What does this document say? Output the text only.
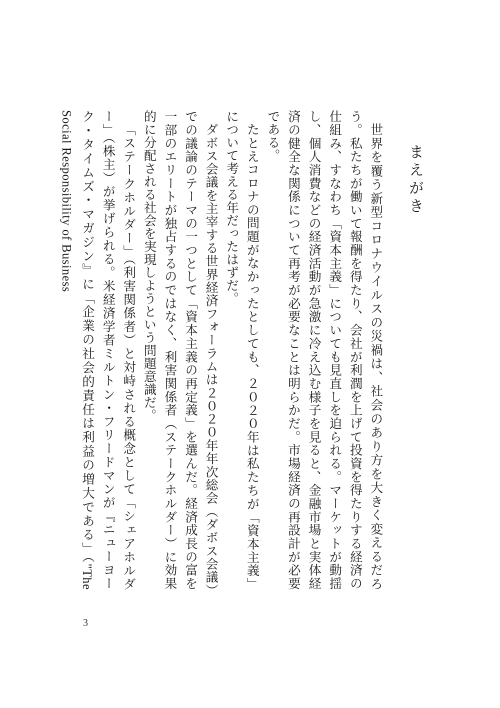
まえがき

世界を覆う新型コロナウイルスの災禍は、社会のあり方を大きく変えるだろう。私たちが働いて報酬を得たり、会社が利潤を上げて投資を得たりする経済の仕組み、すなわち「資本主義」についても見直しを迫られる。マーケットが動揺し、個人消費などの経済活動が急激に冷え込む様子を見ると、金融市場と実体経済の健全な関係について再考が必要なことは明らかだ。市場経済の再設計が必要である。

たとえコロナの問題がなかったとしても、２０２０年は私たちが「資本主義」について考える年だったはずだ。

ダボス会議を主宰する世界経済フォーラムは２０２０年年次総会（ダボス会議）での議論のテーマの一つとして「資本主義の再定義」を選んだ。経済成長の富を一部のエリートが独占するのではなく、利害関係者（ステークホルダー）に効果的に分配される社会を実現しようという問題意識だ。

「ステークホルダー」（利害関係者）と対峙される概念として「シェアホルダー」（株主）が挙げられる。米経済学者ミルトン・フリードマンが『ニューヨーク・タイムズ・マガジン』に「企業の社会的責任は利益の増大である」（"The Social Responsibility of Business

3
